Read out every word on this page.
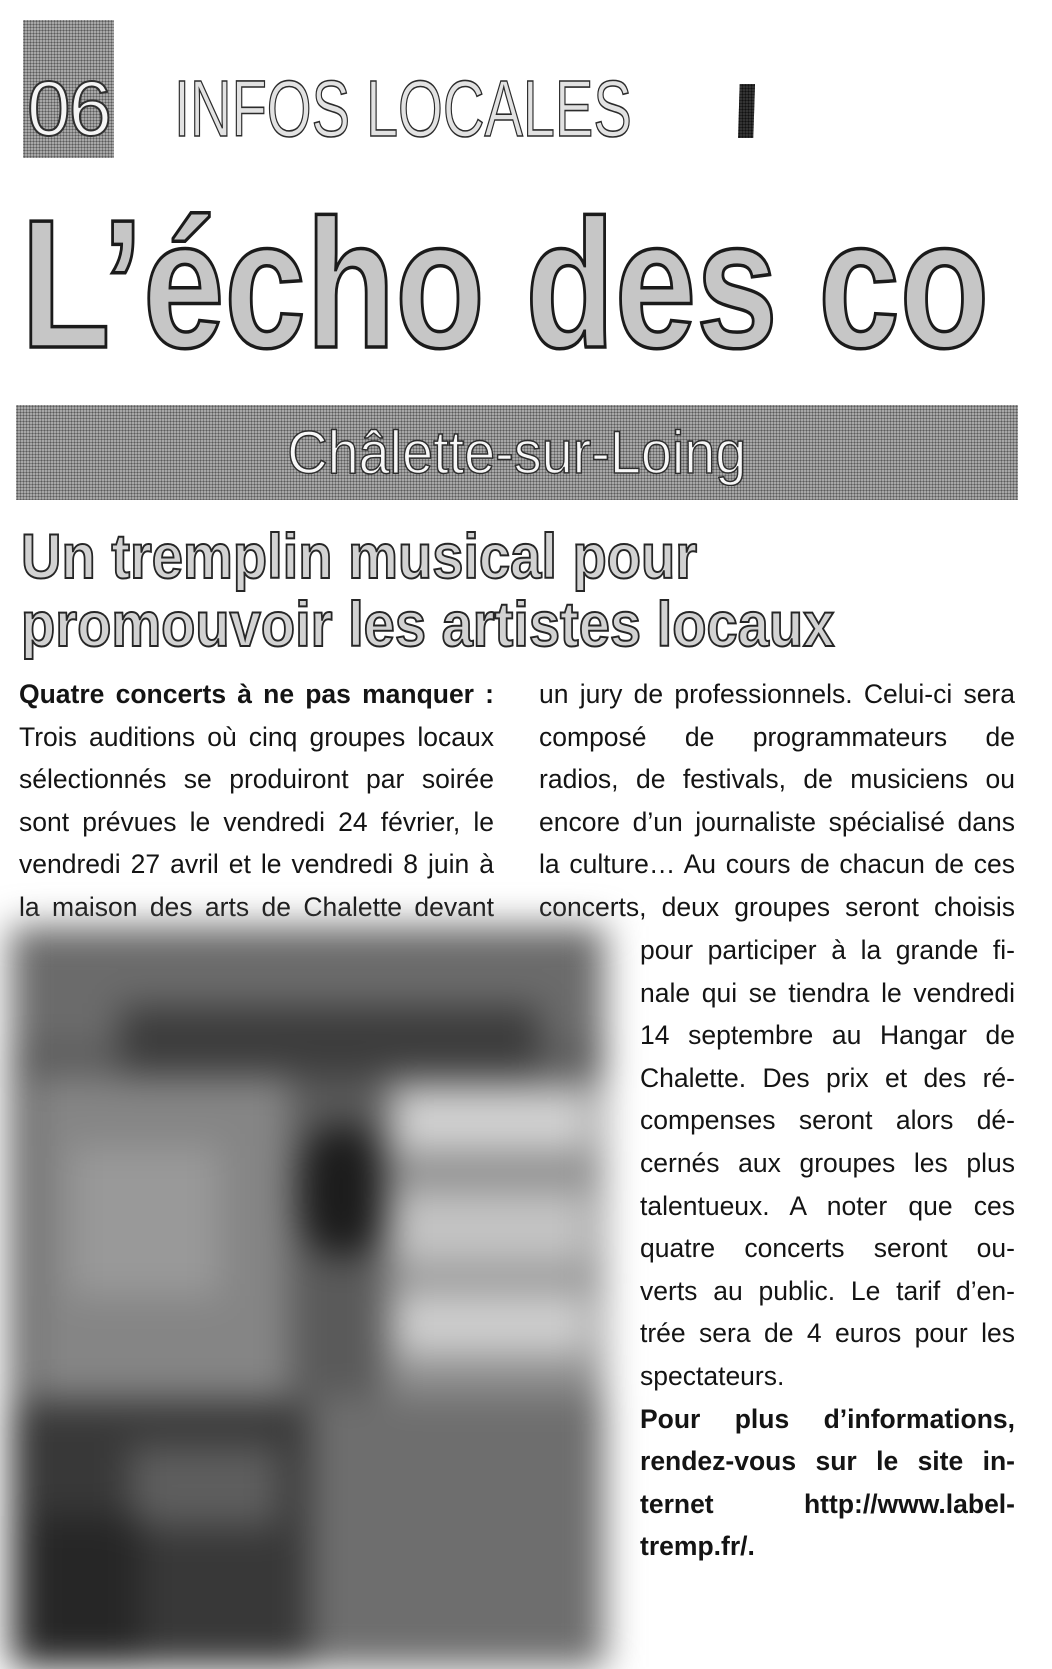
06 INFOS LOCALES
L’écho des co
Châlette-sur-Loing
Un tremplin musical pour
promouvoir les artistes locaux
Quatre concerts à ne pas manquer :
Trois auditions où cinq groupes locaux
sélectionnés se produiront par soirée
sont prévues le vendredi 24 février, le
vendredi 27 avril et le vendredi 8 juin à
la maison des arts de Chalette devant
un jury de professionnels. Celui-ci sera
composé de programmateurs de
radios, de festivals, de musiciens ou
encore d’un journaliste spécialisé dans
la culture… Au cours de chacun de ces
concerts, deux groupes seront choisis
pour participer à la grande fi-
nale qui se tiendra le vendredi
14 septembre au Hangar de
Chalette. Des prix et des ré-
compenses seront alors dé-
cernés aux groupes les plus
talentueux. A noter que ces
quatre concerts seront ou-
verts au public. Le tarif d’en-
trée sera de 4 euros pour les
spectateurs.
Pour plus d’informations,
rendez-vous sur le site in-
ternet http://www.label-
tremp.fr/.
